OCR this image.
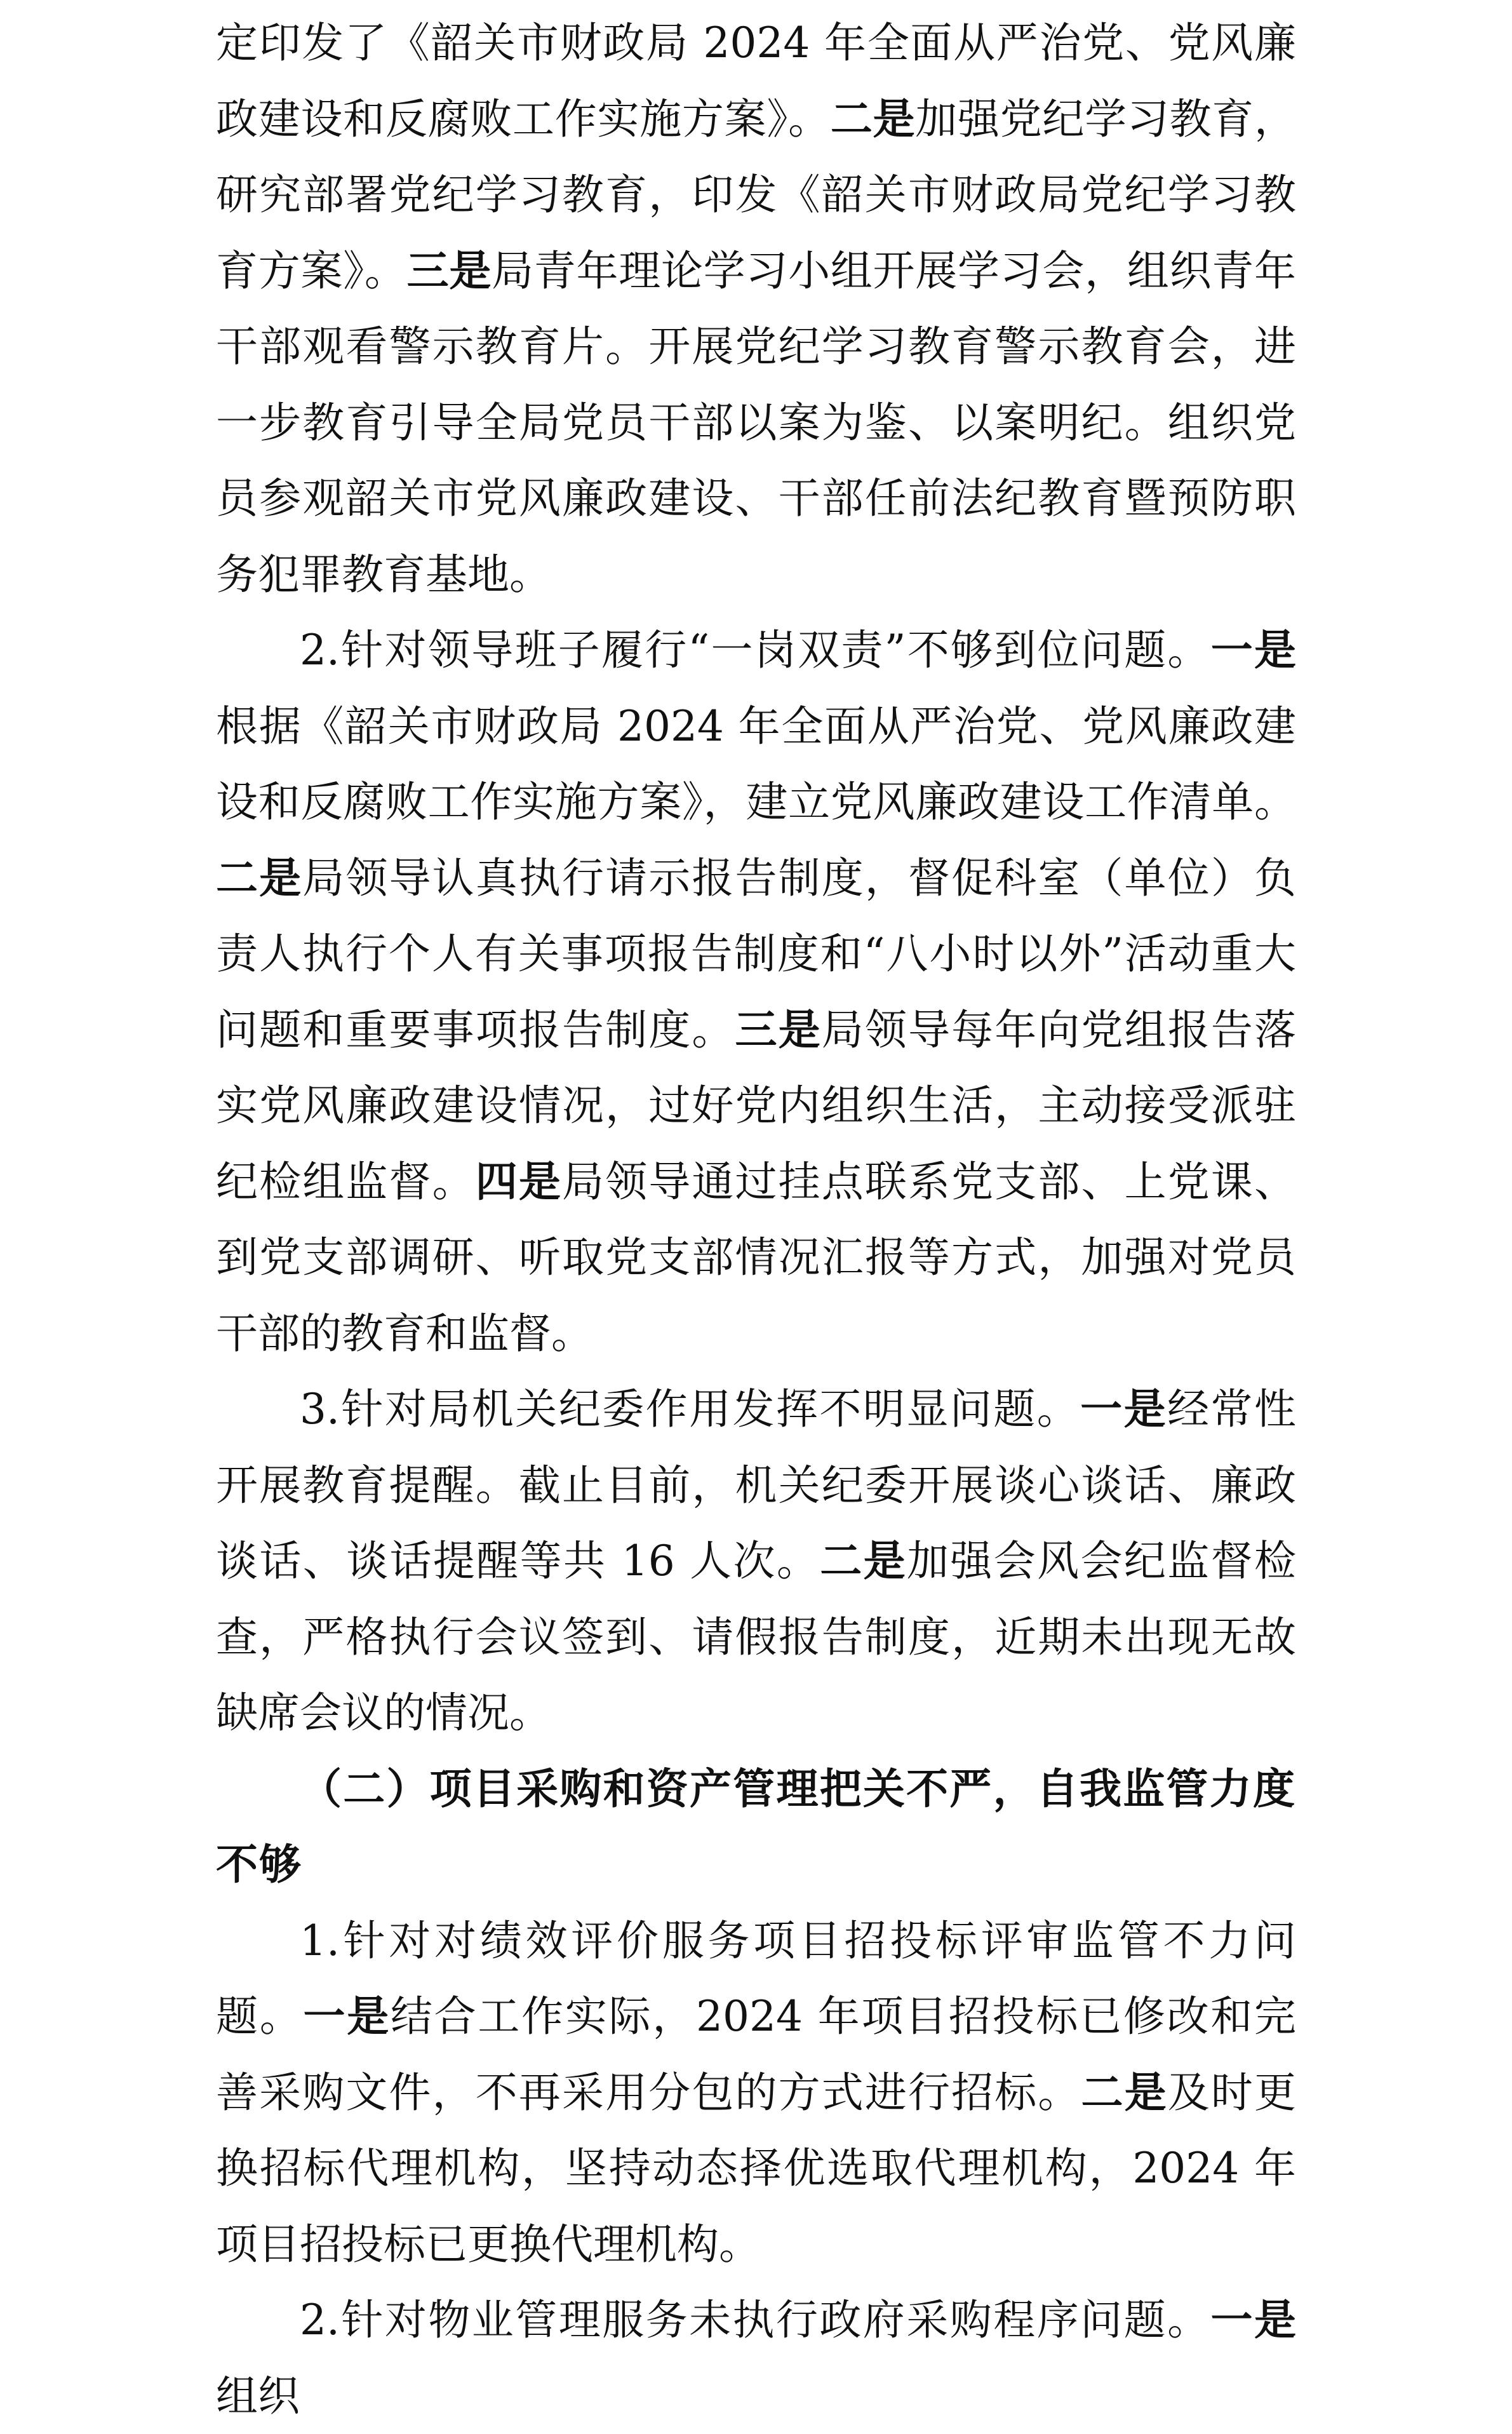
定印发了《韶关市财政局 2024 年全面从严治党、党风廉政建设和反腐败工作实施方案》。二是加强党纪学习教育，研究部署党纪学习教育，印发《韶关市财政局党纪学习教育方案》。三是局青年理论学习小组开展学习会，组织青年干部观看警示教育片。开展党纪学习教育警示教育会，进一步教育引导全局党员干部以案为鉴、以案明纪。组织党员参观韶关市党风廉政建设、干部任前法纪教育暨预防职务犯罪教育基地。

2.针对领导班子履行“一岗双责”不够到位问题。一是根据《韶关市财政局 2024 年全面从严治党、党风廉政建设和反腐败工作实施方案》，建立党风廉政建设工作清单。二是局领导认真执行请示报告制度，督促科室（单位）负责人执行个人有关事项报告制度和“八小时以外”活动重大问题和重要事项报告制度。三是局领导每年向党组报告落实党风廉政建设情况，过好党内组织生活，主动接受派驻纪检组监督。四是局领导通过挂点联系党支部、上党课、到党支部调研、听取党支部情况汇报等方式，加强对党员干部的教育和监督。

3.针对局机关纪委作用发挥不明显问题。一是经常性开展教育提醒。截止目前，机关纪委开展谈心谈话、廉政谈话、谈话提醒等共 16 人次。二是加强会风会纪监督检查，严格执行会议签到、请假报告制度，近期未出现无故缺席会议的情况。

（二）项目采购和资产管理把关不严，自我监管力度不够

1.针对对绩效评价服务项目招投标评审监管不力问题。一是结合工作实际，2024 年项目招投标已修改和完善采购文件，不再采用分包的方式进行招标。二是及时更换招标代理机构，坚持动态择优选取代理机构，2024 年项目招投标已更换代理机构。

2.针对物业管理服务未执行政府采购程序问题。一是组织
